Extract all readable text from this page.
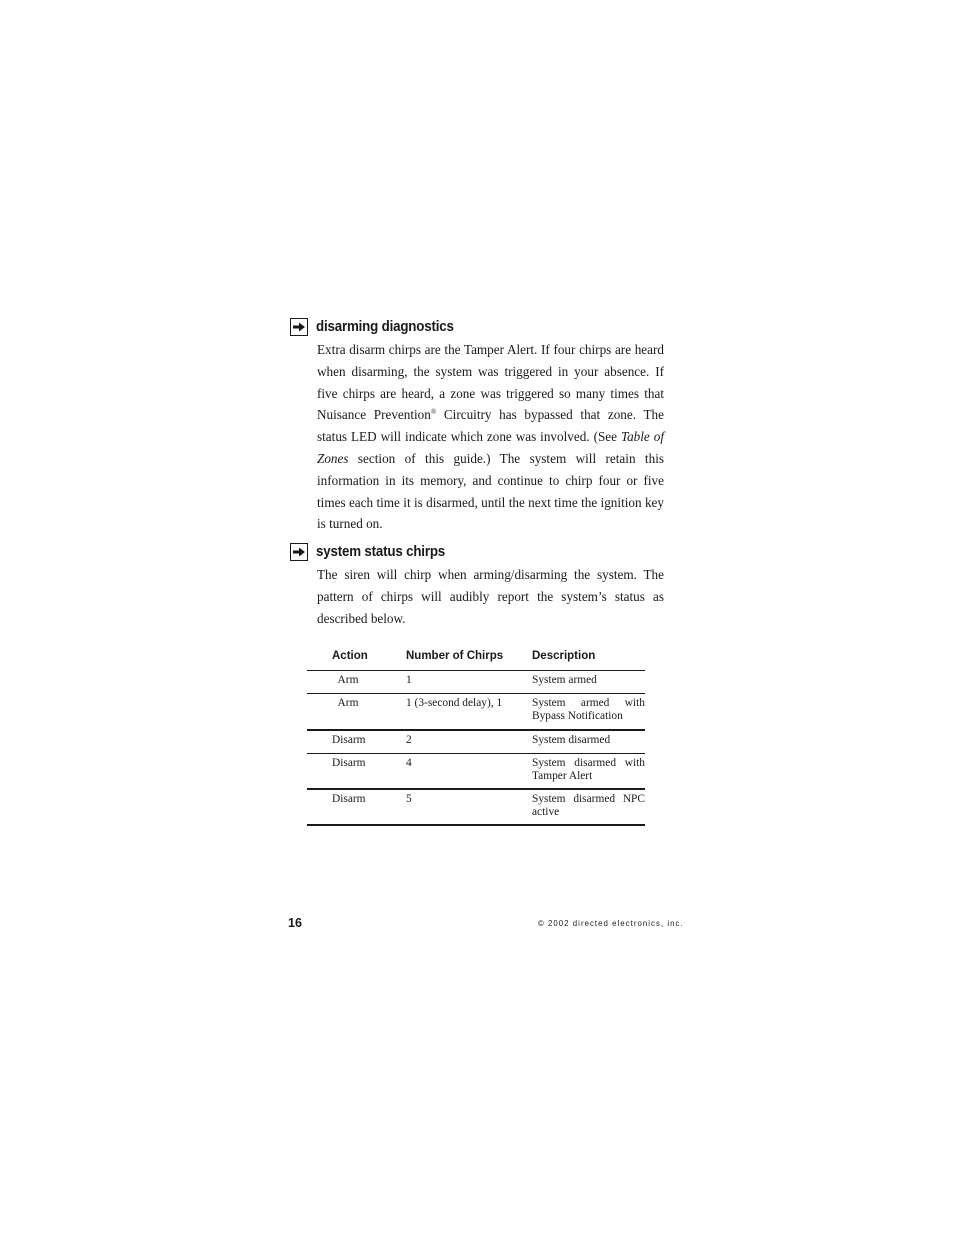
disarming diagnostics

Extra disarm chirps are the Tamper Alert. If four chirps are heard when disarming, the system was triggered in your absence. If five chirps are heard, a zone was triggered so many times that Nuisance Prevention® Circuitry has bypassed that zone. The status LED will indicate which zone was involved. (See Table of Zones section of this guide.) The system will retain this information in its memory, and continue to chirp four or five times each time it is disarmed, until the next time the ignition key is turned on.

system status chirps

The siren will chirp when arming/disarming the system. The pattern of chirps will audibly report the system’s status as described below.

Action	Number of Chirps	Description
Arm	1	System armed
Arm	1 (3-second delay), 1	System armed with Bypass Notification
Disarm	2	System disarmed
Disarm	4	System disarmed with Tamper Alert
Disarm	5	System disarmed NPC active
16	© 2002 directed electronics, inc.
